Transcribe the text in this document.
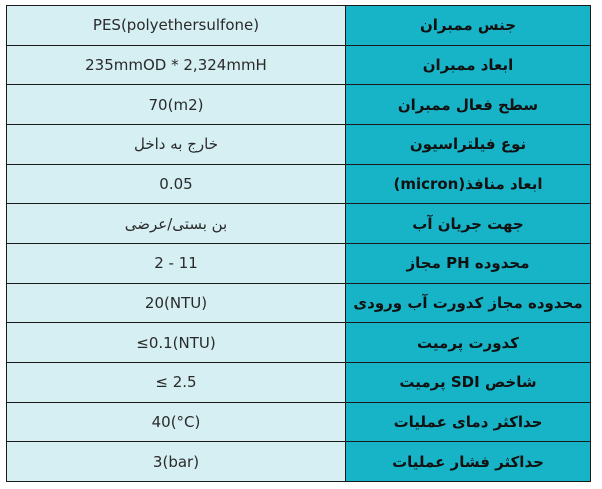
PES(polyethersulfone)	جنس ممبران
235mmOD * 2,324mmH	ابعاد ممبران
70(m2)	سطح فعال ممبران
خارج به داخل	نوع فیلتراسیون
0.05	ابعاد منافذ(micron)
بن بستی/عرضی	جهت جریان آب
2 - 11	محدوده PH مجاز
20(NTU)	محدوده مجاز کدورت آب ورودی
≤0.1(NTU)	کدورت پرمیت
≤ 2.5	شاخص SDI پرمیت
40(°C)	حداکثر دمای عملیات
3(bar)	حداکثر فشار عملیات
